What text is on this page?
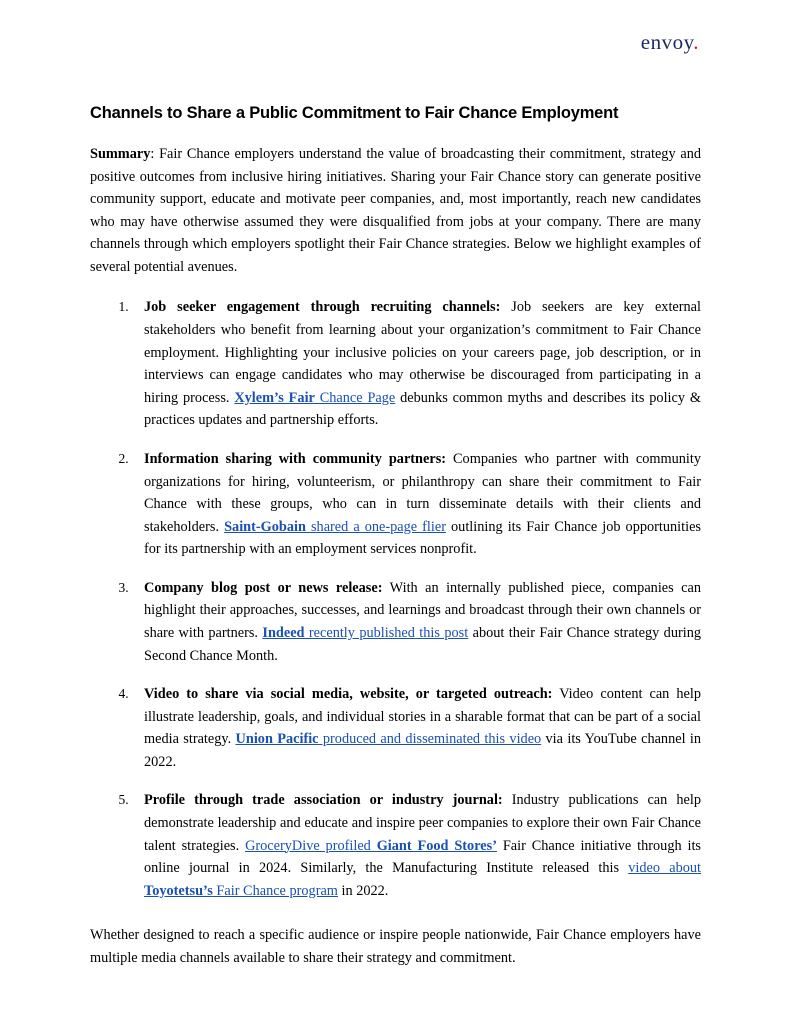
envoy.
Channels to Share a Public Commitment to Fair Chance Employment

Summary: Fair Chance employers understand the value of broadcasting their commitment, strategy and positive outcomes from inclusive hiring initiatives. Sharing your Fair Chance story can generate positive community support, educate and motivate peer companies, and, most importantly, reach new candidates who may have otherwise assumed they were disqualified from jobs at your company. There are many channels through which employers spotlight their Fair Chance strategies. Below we highlight examples of several potential avenues.

1. Job seeker engagement through recruiting channels: Job seekers are key external stakeholders who benefit from learning about your organization’s commitment to Fair Chance employment. Highlighting your inclusive policies on your careers page, job description, or in interviews can engage candidates who may otherwise be discouraged from participating in a hiring process. Xylem’s Fair Chance Page debunks common myths and describes its policy & practices updates and partnership efforts.
2. Information sharing with community partners: Companies who partner with community organizations for hiring, volunteerism, or philanthropy can share their commitment to Fair Chance with these groups, who can in turn disseminate details with their clients and stakeholders. Saint-Gobain shared a one-page flier outlining its Fair Chance job opportunities for its partnership with an employment services nonprofit.
3. Company blog post or news release: With an internally published piece, companies can highlight their approaches, successes, and learnings and broadcast through their own channels or share with partners. Indeed recently published this post about their Fair Chance strategy during Second Chance Month.
4. Video to share via social media, website, or targeted outreach: Video content can help illustrate leadership, goals, and individual stories in a sharable format that can be part of a social media strategy. Union Pacific produced and disseminated this video via its YouTube channel in 2022.
5. Profile through trade association or industry journal: Industry publications can help demonstrate leadership and educate and inspire peer companies to explore their own Fair Chance talent strategies. GroceryDive profiled Giant Food Stores’ Fair Chance initiative through its online journal in 2024. Similarly, the Manufacturing Institute released this video about Toyotetsu’s Fair Chance program in 2022.

Whether designed to reach a specific audience or inspire people nationwide, Fair Chance employers have multiple media channels available to share their strategy and commitment.
